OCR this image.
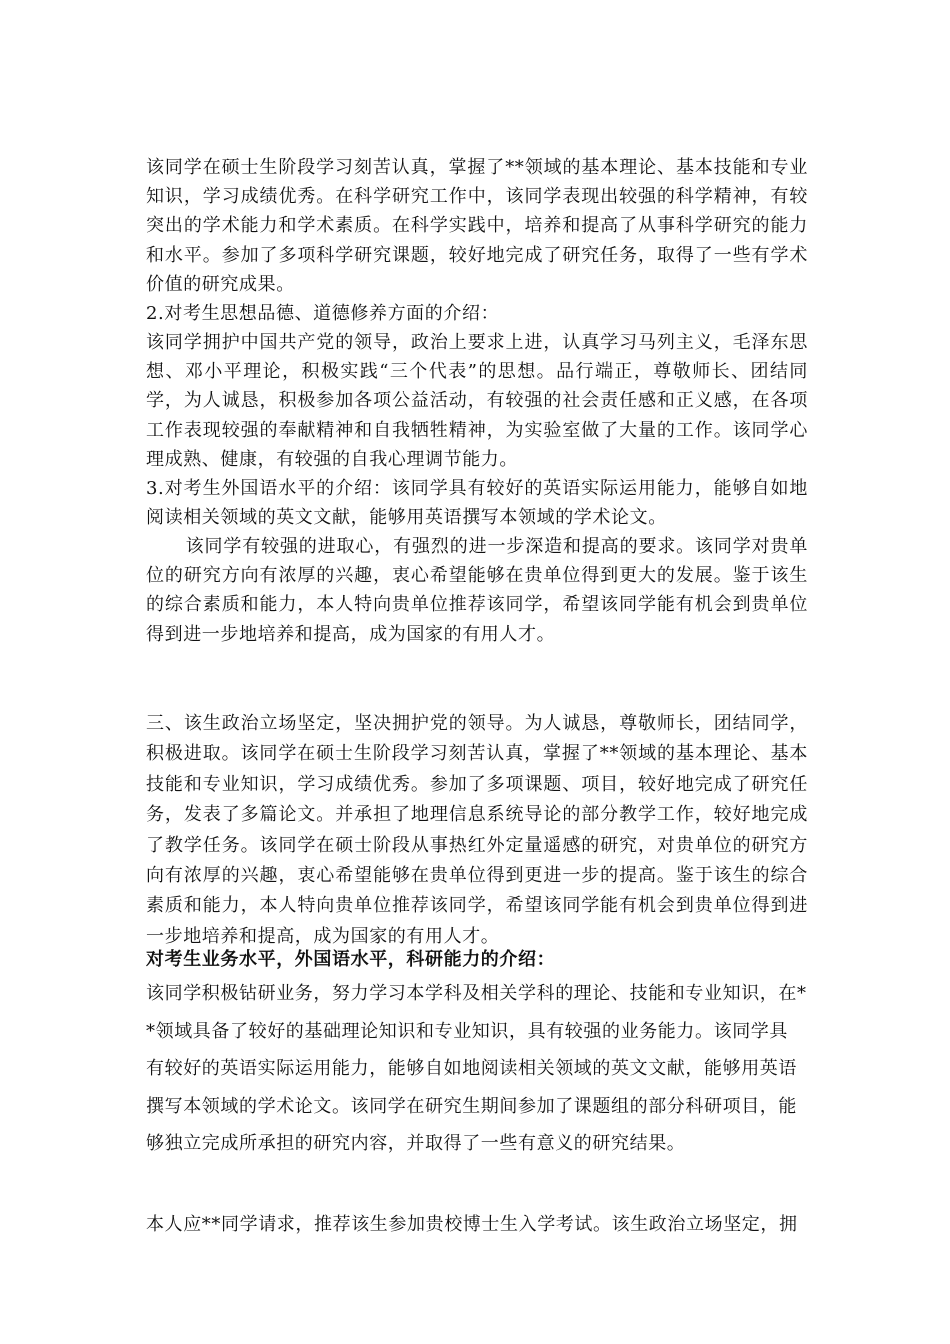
该同学在硕士生阶段学习刻苦认真，掌握了**领域的基本理论、基本技能和专业知识，学习成绩优秀。在科学研究工作中，该同学表现出较强的科学精神，有较突出的学术能力和学术素质。在科学实践中，培养和提高了从事科学研究的能力和水平。参加了多项科学研究课题，较好地完成了研究任务，取得了一些有学术价值的研究成果。

2.对考生思想品德、道德修养方面的介绍：

该同学拥护中国共产党的领导，政治上要求上进，认真学习马列主义，毛泽东思想、邓小平理论，积极实践“三个代表”的思想。品行端正，尊敬师长、团结同学，为人诚恳，积极参加各项公益活动，有较强的社会责任感和正义感，在各项工作表现较强的奉献精神和自我牺牲精神，为实验室做了大量的工作。该同学心理成熟、健康，有较强的自我心理调节能力。

3.对考生外国语水平的介绍：该同学具有较好的英语实际运用能力，能够自如地阅读相关领域的英文文献，能够用英语撰写本领域的学术论文。

该同学有较强的进取心，有强烈的进一步深造和提高的要求。该同学对贵单位的研究方向有浓厚的兴趣，衷心希望能够在贵单位得到更大的发展。鉴于该生的综合素质和能力，本人特向贵单位推荐该同学，希望该同学能有机会到贵单位得到进一步地培养和提高，成为国家的有用人才。

三、该生政治立场坚定，坚决拥护党的领导。为人诚恳，尊敬师长，团结同学，积极进取。该同学在硕士生阶段学习刻苦认真，掌握了**领域的基本理论、基本技能和专业知识，学习成绩优秀。参加了多项课题、项目，较好地完成了研究任务，发表了多篇论文。并承担了地理信息系统导论的部分教学工作，较好地完成了教学任务。该同学在硕士阶段从事热红外定量遥感的研究，对贵单位的研究方向有浓厚的兴趣，衷心希望能够在贵单位得到更进一步的提高。鉴于该生的综合素质和能力，本人特向贵单位推荐该同学，希望该同学能有机会到贵单位得到进一步地培养和提高，成为国家的有用人才。

对考生业务水平，外国语水平，科研能力的介绍：

该同学积极钻研业务，努力学习本学科及相关学科的理论、技能和专业知识，在*
*领域具备了较好的基础理论知识和专业知识，具有较强的业务能力。该同学具
有较好的英语实际运用能力，能够自如地阅读相关领域的英文文献，能够用英语
撰写本领域的学术论文。该同学在研究生期间参加了课题组的部分科研项目，能
够独立完成所承担的研究内容，并取得了一些有意义的研究结果。

本人应**同学请求，推荐该生参加贵校博士生入学考试。该生政治立场坚定，拥
